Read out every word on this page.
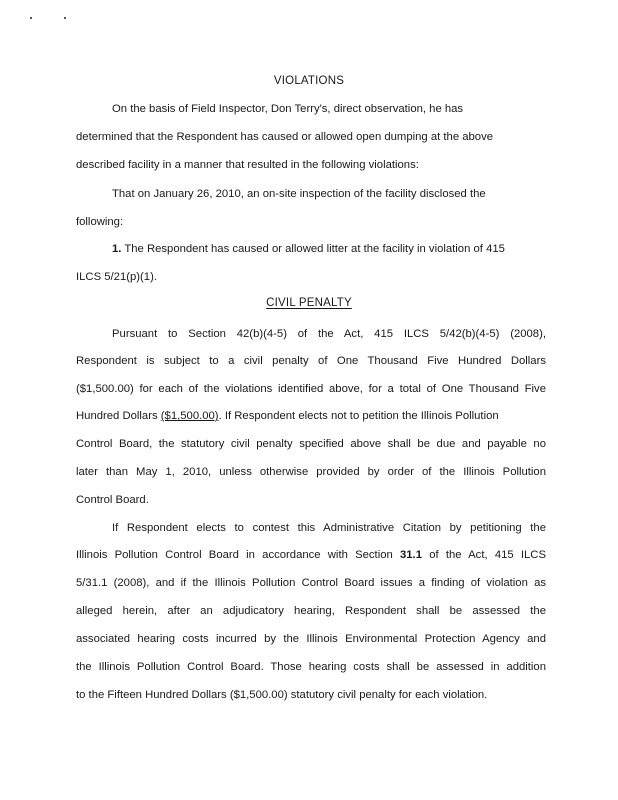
VIOLATIONS
On the basis of Field Inspector, Don Terry's, direct observation, he has
determined that the Respondent has caused or allowed open dumping at the above
described facility in a manner that resulted in the following violations:
That on January 26, 2010, an on-site inspection of the facility disclosed the
following:
1. The Respondent has caused or allowed litter at the facility in violation of 415
ILCS 5/21(p)(1).
CIVIL PENALTY
Pursuant to Section 42(b)(4-5) of the Act, 415 ILCS 5/42(b)(4-5) (2008),
Respondent is subject to a civil penalty of One Thousand Five Hundred Dollars
($1,500.00) for each of the violations identified above, for a total of One Thousand Five
Hundred Dollars ($1,500.00). If Respondent elects not to petition the Illinois Pollution
Control Board, the statutory civil penalty specified above shall be due and payable no
later than May 1, 2010, unless otherwise provided by order of the Illinois Pollution
Control Board.
If Respondent elects to contest this Administrative Citation by petitioning the
Illinois Pollution Control Board in accordance with Section 31.1 of the Act, 415 ILCS
5/31.1 (2008), and if the Illinois Pollution Control Board issues a finding of violation as
alleged herein, after an adjudicatory hearing, Respondent shall be assessed the
associated hearing costs incurred by the Illinois Environmental Protection Agency and
the Illinois Pollution Control Board. Those hearing costs shall be assessed in addition
to the Fifteen Hundred Dollars ($1,500.00) statutory civil penalty for each violation.
